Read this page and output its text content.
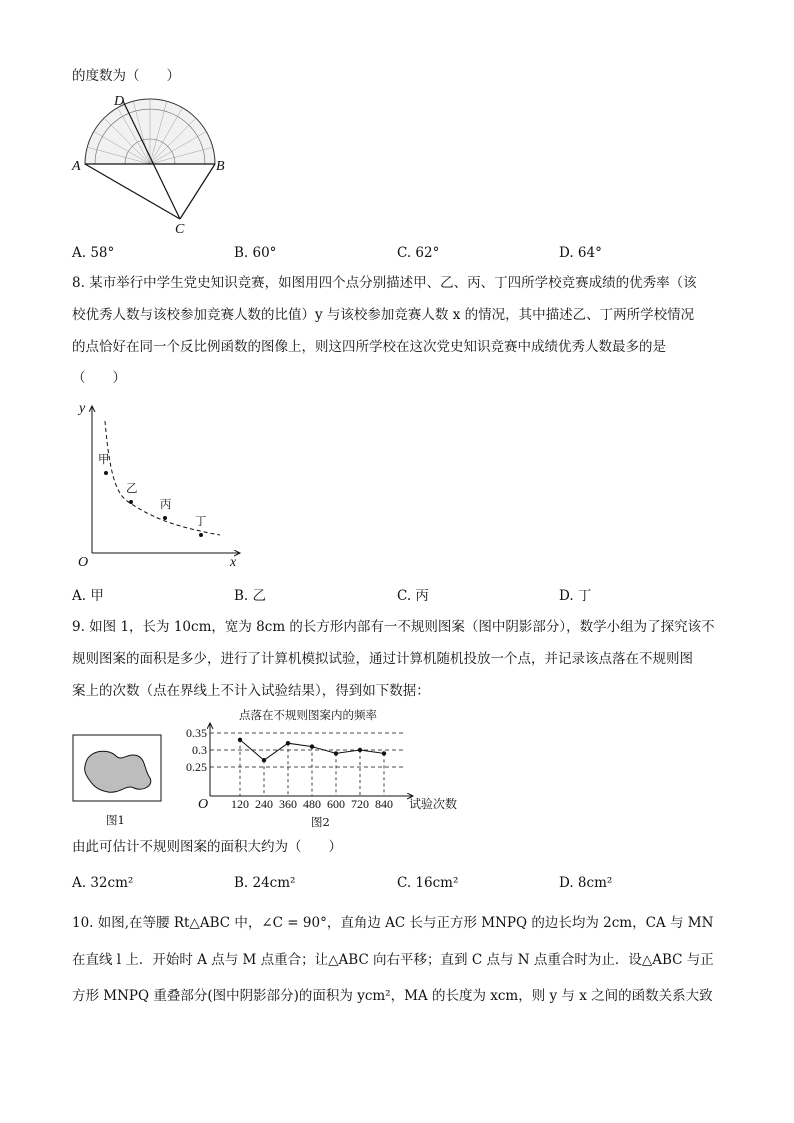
的度数为（　　）
A	B
C
D
A. 58°	B. 60°	C. 62°	D. 64°
8. 某市举行中学生党史知识竞赛，如图用四个点分别描述甲、乙、丙、丁四所学校竞赛成绩的优秀率（该
校优秀人数与该校参加竞赛人数的比值）y 与该校参加竞赛人数 x 的情况，其中描述乙、丁两所学校情况
的点恰好在同一个反比例函数的图像上，则这四所学校在这次党史知识竞赛中成绩优秀人数最多的是
（　　）
y
x
O
甲
乙
丙
丁
A. 甲	B. 乙	C. 丙	D. 丁
9. 如图 1，长为 10cm，宽为 8cm 的长方形内部有一不规则图案（图中阴影部分），数学小组为了探究该不
规则图案的面积是多少，进行了计算机模拟试验，通过计算机随机投放一个点，并记录该点落在不规则图
案上的次数（点在界线上不计入试验结果），得到如下数据：
图1
点落在不规则图案内的频率
0.35
0.3
0.25
120 240 360 480 600 720 840
O	试验次数
图2
由此可估计不规则图案的面积大约为（　　）
A. 32cm²	B. 24cm²	C. 16cm²	D. 8cm²
10. 如图,在等腰 Rt△ABC 中，∠C = 90°，直角边 AC 长与正方形 MNPQ 的边长均为 2cm，CA 与 MN
在直线 l 上．开始时 A 点与 M 点重合；让△ABC 向右平移；直到 C 点与 N 点重合时为止．设△ABC 与正
方形 MNPQ 重叠部分(图中阴影部分)的面积为 ycm²，MA 的长度为 xcm，则 y 与 x 之间的函数关系大致
